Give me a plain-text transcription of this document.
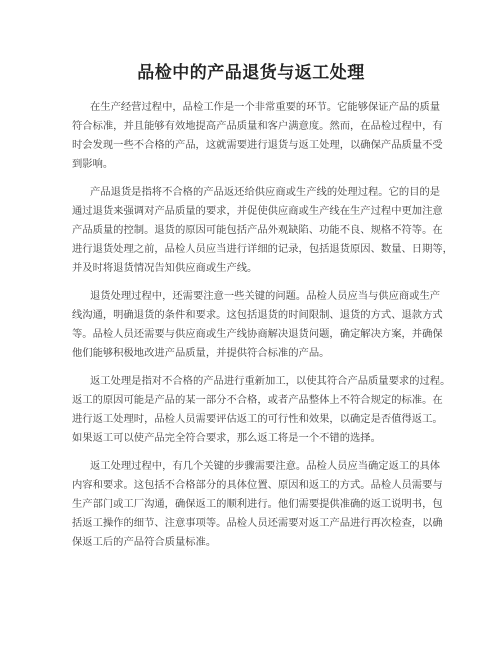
品检中的产品退货与返工处理
在生产经营过程中，品检工作是一个非常重要的环节。它能够保证产品的质量
符合标准，并且能够有效地提高产品质量和客户满意度。然而，在品检过程中，有
时会发现一些不合格的产品，这就需要进行退货与返工处理，以确保产品质量不受
到影响。
产品退货是指将不合格的产品返还给供应商或生产线的处理过程。它的目的是
通过退货来强调对产品质量的要求，并促使供应商或生产线在生产过程中更加注意
产品质量的控制。退货的原因可能包括产品外观缺陷、功能不良、规格不符等。在
进行退货处理之前，品检人员应当进行详细的记录，包括退货原因、数量、日期等，
并及时将退货情况告知供应商或生产线。
退货处理过程中，还需要注意一些关键的问题。品检人员应当与供应商或生产
线沟通，明确退货的条件和要求。这包括退货的时间限制、退货的方式、退款方式
等。品检人员还需要与供应商或生产线协商解决退货问题，确定解决方案，并确保
他们能够积极地改进产品质量，并提供符合标准的产品。
返工处理是指对不合格的产品进行重新加工，以使其符合产品质量要求的过程。
返工的原因可能是产品的某一部分不合格，或者产品整体上不符合规定的标准。在
进行返工处理时，品检人员需要评估返工的可行性和效果，以确定是否值得返工。
如果返工可以使产品完全符合要求，那么返工将是一个不错的选择。
返工处理过程中，有几个关键的步骤需要注意。品检人员应当确定返工的具体
内容和要求。这包括不合格部分的具体位置、原因和返工的方式。品检人员需要与
生产部门或工厂沟通，确保返工的顺利进行。他们需要提供准确的返工说明书，包
括返工操作的细节、注意事项等。品检人员还需要对返工产品进行再次检查，以确
保返工后的产品符合质量标准。
